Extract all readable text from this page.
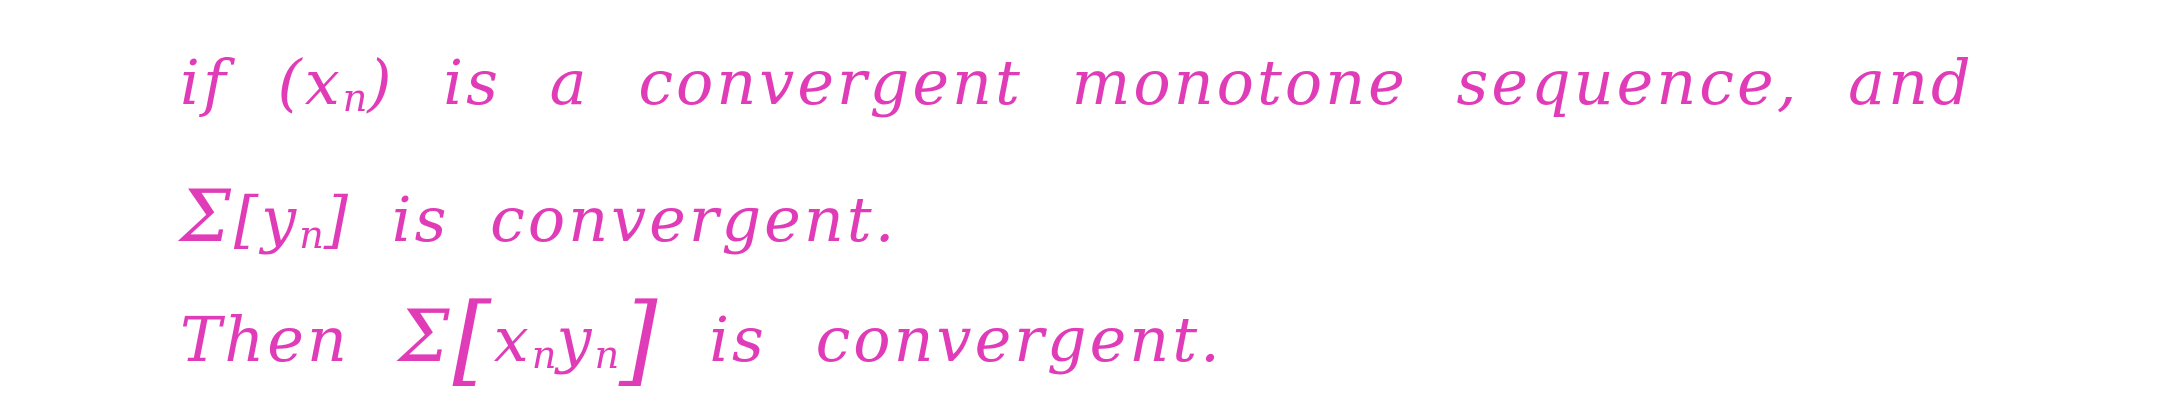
if (xn) is a convergent monotone sequence, and
Σ[yn] is convergent.
Then Σ[xnyn] is convergent.
